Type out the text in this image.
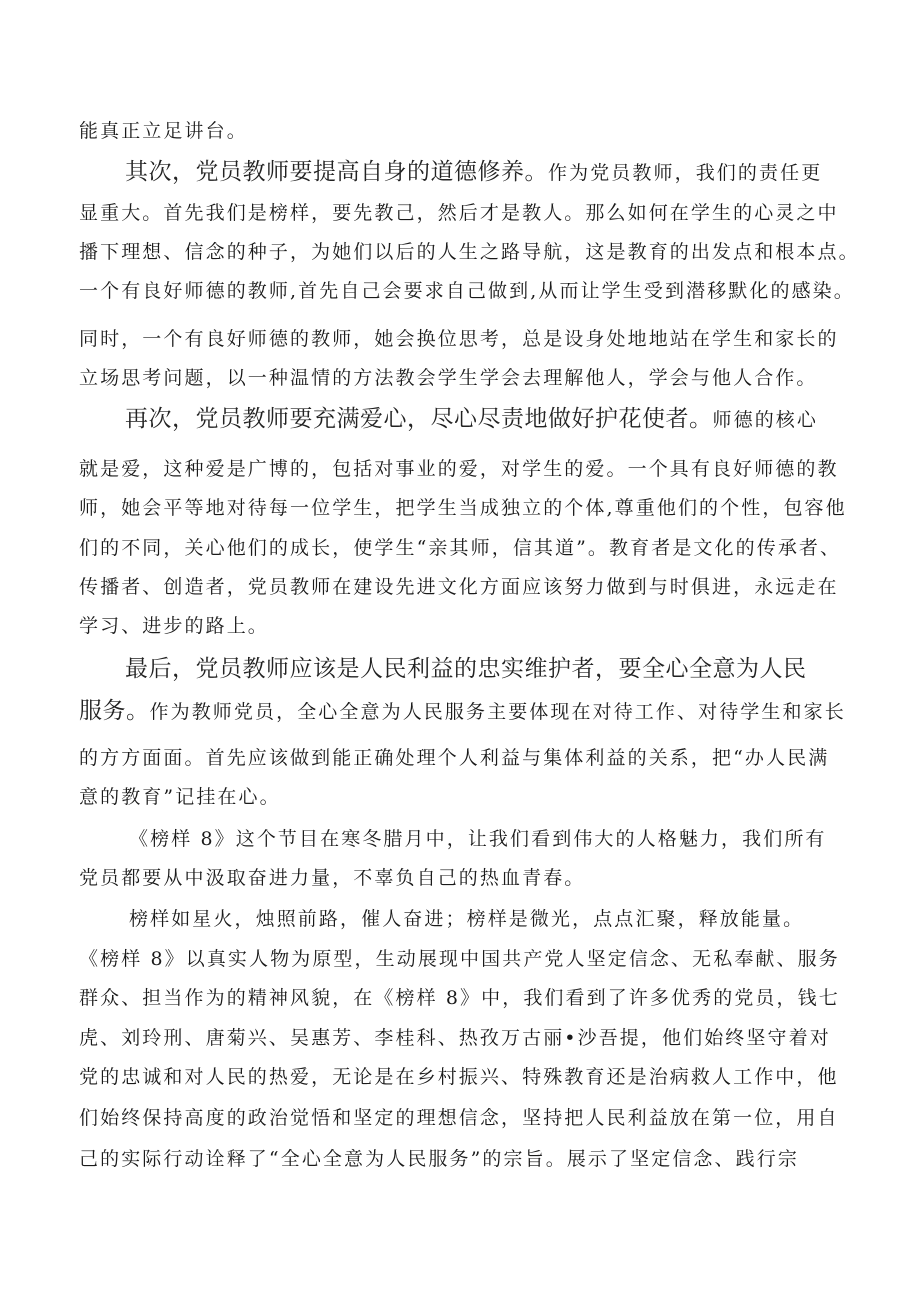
能真正立足讲台。
其次，党员教师要提高自身的道德修养。作为党员教师，我们的责任更
显重大。首先我们是榜样，要先教己，然后才是教人。那么如何在学生的心灵之中
播下理想、信念的种子，为她们以后的人生之路导航，这是教育的出发点和根本点。
一个有良好师德的教师,首先自己会要求自己做到,从而让学生受到潜移默化的感染。
同时，一个有良好师德的教师，她会换位思考，总是设身处地地站在学生和家长的
立场思考问题，以一种温情的方法教会学生学会去理解他人，学会与他人合作。
再次，党员教师要充满爱心，尽心尽责地做好护花使者。师德的核心
就是爱，这种爱是广博的，包括对事业的爱，对学生的爱。一个具有良好师德的教
师，她会平等地对待每一位学生，把学生当成独立的个体,尊重他们的个性，包容他
们的不同，关心他们的成长，使学生“亲其师，信其道”。教育者是文化的传承者、
传播者、创造者，党员教师在建设先进文化方面应该努力做到与时俱进，永远走在
学习、进步的路上。
最后，党员教师应该是人民利益的忠实维护者，要全心全意为人民
服务。作为教师党员，全心全意为人民服务主要体现在对待工作、对待学生和家长
的方方面面。首先应该做到能正确处理个人利益与集体利益的关系，把“办人民满
意的教育”记挂在心。
《榜样 8》这个节目在寒冬腊月中，让我们看到伟大的人格魅力，我们所有
党员都要从中汲取奋进力量，不辜负自己的热血青春。
榜样如星火，烛照前路，催人奋进；榜样是微光，点点汇聚，释放能量。
《榜样 8》以真实人物为原型，生动展现中国共产党人坚定信念、无私奉献、服务
群众、担当作为的精神风貌，在《榜样 8》中，我们看到了许多优秀的党员，钱七
虎、刘玲刑、唐菊兴、吴惠芳、李桂科、热孜万古丽•沙吾提，他们始终坚守着对
党的忠诚和对人民的热爱，无论是在乡村振兴、特殊教育还是治病救人工作中，他
们始终保持高度的政治觉悟和坚定的理想信念，坚持把人民利益放在第一位，用自
己的实际行动诠释了“全心全意为人民服务”的宗旨。展示了坚定信念、践行宗
